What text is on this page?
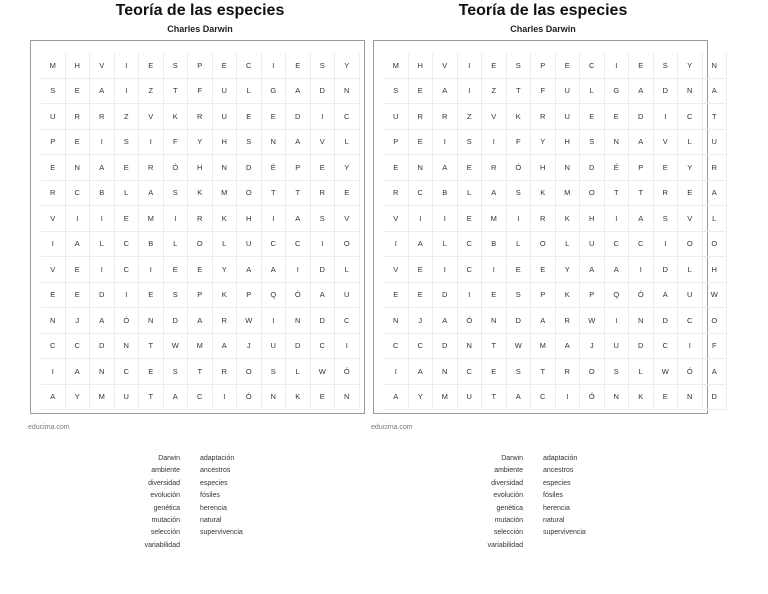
Teoría de las especies
Charles Darwin
M	H	V	I	E	S	P	E	C	I	E	S	Y
S	E	A	I	Z	T	F	U	L	G	A	D	N
U	R	R	Z	V	K	R	U	E	E	D	I	C
P	E	I	S	I	F	Y	H	S	N	A	V	L
E	N	A	E	R	Ó	H	N	D	É	P	E	Y
R	C	B	L	A	S	K	M	O	T	T	R	E
V	I	I	E	M	I	R	K	H	I	A	S	V
I	A	L	C	B	L	O	L	U	C	C	I	O
V	E	I	C	I	E	E	Y	A	A	I	D	L
E	E	D	I	E	S	P	K	P	Q	Ó	A	U
N	J	A	Ó	N	D	A	R	W	I	N	D	C
C	C	D	N	T	W	M	A	J	U	D	C	I
I	A	N	C	E	S	T	R	O	S	L	W	Ó
A	Y	M	U	T	A	C	I	Ó	N	K	E	N
educima.com
Darwin
ambiente
diversidad
evolución
genética
mutación
selección
variabilidad
adaptación
ancestros
especies
fósiles
herencia
natural
supervivencia
Teoría de las especies
Charles Darwin
M	H	V	I	E	S	P	E	C	I	E	S	Y	N
S	E	A	I	Z	T	F	U	L	G	A	D	N	A
U	R	R	Z	V	K	R	U	E	E	D	I	C	T
P	E	I	S	I	F	Y	H	S	N	A	V	L	U
E	N	A	E	R	Ó	H	N	D	É	P	E	Y	R
R	C	B	L	A	S	K	M	O	T	T	R	E	A
V	I	I	E	M	I	R	K	H	I	A	S	V	L
I	A	L	C	B	L	O	L	U	C	C	I	O	O
V	E	I	C	I	E	E	Y	A	A	I	D	L	H
E	E	D	I	E	S	P	K	P	Q	Ó	A	U	W
N	J	A	Ó	N	D	A	R	W	I	N	D	C	O
C	C	D	N	T	W	M	A	J	U	D	C	I	F
I	A	N	C	E	S	T	R	O	S	L	W	Ó	A
A	Y	M	U	T	A	C	I	Ó	N	K	E	N	D
educima.com
Darwin
ambiente
diversidad
evolución
genética
mutación
selección
variabilidad
adaptación
ancestros
especies
fósiles
herencia
natural
supervivencia
